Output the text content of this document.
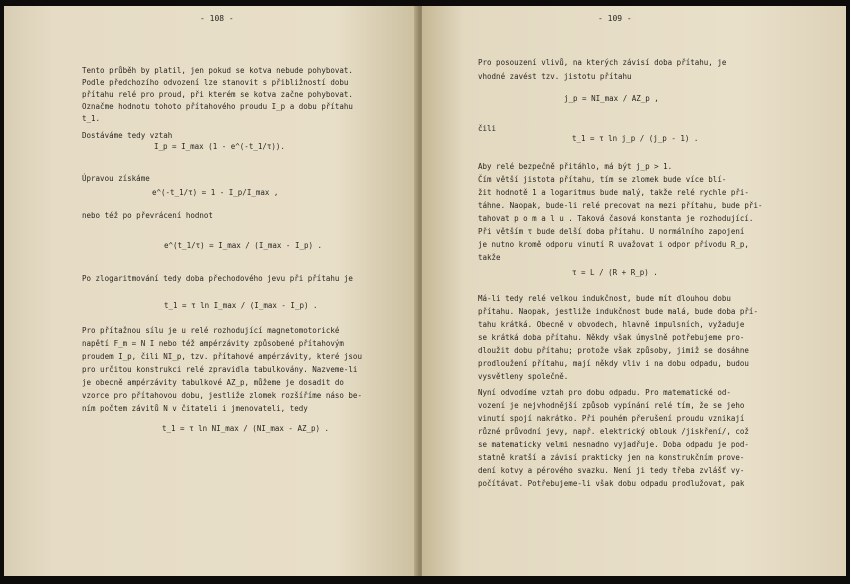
- 108 -
Tento průběh by platil, jen pokud se kotva nebude pohybovat.
Podle předchozího odvození lze stanovit s přibližností dobu
přítahu relé pro proud, při kterém se kotva začne pohybovat.
Označme hodnotu tohoto přítahového proudu I_p a dobu přítahu
t_1.
Dostáváme tedy vztah
I_p = I_max (1 - e^(-t_1/τ)).
Úpravou získáme
e^(-t_1/τ) = 1 - I_p/I_max ,
nebo též po převrácení hodnot
e^(t_1/τ) = I_max / (I_max - I_p) .
Po zlogaritmování tedy doba přechodového jevu při přítahu je
t_1 = τ ln I_max / (I_max - I_p) .
Pro přítažnou sílu je u relé rozhodující magnetomotorické
napětí F_m = N I nebo též ampérzávity způsobené přítahovým
proudem I_p, čili NI_p, tzv. přítahové ampérzávity, které jsou
pro určitou konstrukci relé zpravidla tabulkovány. Nazveme-li
je obecně ampérzávity tabulkové AZ_p, můžeme je dosadit do
vzorce pro přítahovou dobu, jestliže zlomek rozšíříme náso be-
ním počtem závitů N v čitateli i jmenovateli, tedy
t_1 = τ ln NI_max / (NI_max - AZ_p) .
- 109 -
Pro posouzení vlivů, na kterých závisí doba přítahu, je
vhodné zavést tzv. jistotu přítahu
j_p = NI_max / AZ_p ,
čili
t_1 = τ ln j_p / (j_p - 1) .
Aby relé bezpečně přitáhlo, má být j_p > 1.
Čím větší jistota přítahu, tím se zlomek bude více blí-
žit hodnotě 1 a logaritmus bude malý, takže relé rychle při-
táhne. Naopak, bude-li relé precovat na mezi přítahu, bude při-
tahovat p o m a l u . Taková časová konstanta je rozhodující.
Při větším τ bude delší doba přítahu. U normálního zapojení
je nutno kromě odporu vinutí R uvažovat i odpor přívodu R_p,
takže
τ = L / (R + R_p) .
Má-li tedy relé velkou indukčnost, bude mít dlouhou dobu
přítahu. Naopak, jestliže indukčnost bude malá, bude doba pří-
tahu krátká. Obecně v obvodech, hlavně impulsních, vyžaduje
se krátká doba přítahu. Někdy však úmyslně potřebujeme pro-
dloužit dobu přítahu; protože však způsoby, jimiž se dosáhne
prodloužení přítahu, mají někdy vliv i na dobu odpadu, budou
vysvětleny společně.
Nyní odvodíme vztah pro dobu odpadu. Pro matematické od-
vození je nejvhodnější způsob vypínání relé tím, že se jeho
vinutí spojí nakrátko. Při pouhém přerušení proudu vznikají
různé průvodní jevy, např. elektrický oblouk /jiskření/, což
se matematicky velmi nesnadno vyjadřuje. Doba odpadu je pod-
statně kratší a závisí prakticky jen na konstrukčním prove-
dení kotvy a pérového svazku. Není ji tedy třeba zvlášť vy-
počítávat. Potřebujeme-li však dobu odpadu prodlužovat, pak
